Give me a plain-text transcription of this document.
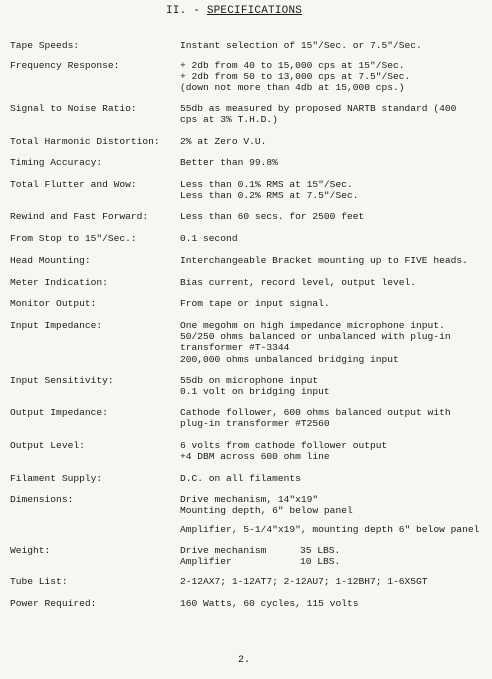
II. - SPECIFICATIONS
Tape Speeds:	Instant selection of 15"/Sec. or 7.5"/Sec.
Frequency Response:	+ 2db from 40 to 15,000 cps at 15"/Sec.
+ 2db from 50 to 13,000 cps at 7.5"/Sec.
(down not more than 4db at 15,000 cps.)
Signal to Noise Ratio:	55db as measured by proposed NARTB standard (400
cps at 3% T.H.D.)
Total Harmonic Distortion: 2% at Zero V.U.
Timing Accuracy:	Better than 99.8%
Total Flutter and Wow:	Less than 0.1% RMS at 15"/Sec.
Less than 0.2% RMS at 7.5"/Sec.
Rewind and Fast Forward:	Less than 60 secs. for 2500 feet
From Stop to 15"/Sec.:	0.1 second
Head Mounting:	Interchangeable Bracket mounting up to FIVE heads.
Meter Indication:	Bias current, record level, output level.
Monitor Output:	From tape or input signal.
Input Impedance:	One megohm on high impedance microphone input.
50/250 ohms balanced or unbalanced with plug-in
transformer #T-3344
200,000 ohms unbalanced bridging input
Input Sensitivity:	55db on microphone input
0.1 volt on bridging input
Output Impedance:	Cathode follower, 600 ohms balanced output with
plug-in transformer #T2560
Output Level:	6 volts from cathode follower output
+4 DBM across 600 ohm line
Filament Supply:	D.C. on all filaments
Dimensions:	Drive mechanism, 14"x19"
Mounting depth, 6" below panel
Amplifier, 5-1/4"x19", mounting depth 6" below panel
Weight:	Drive mechanism	35 LBS.
Amplifier	10 LBS.
Tube List:	2-12AX7; 1-12AT7; 2-12AU7; 1-12BH7; 1-6X5GT
Power Required:	160 Watts, 60 cycles, 115 volts
2.
